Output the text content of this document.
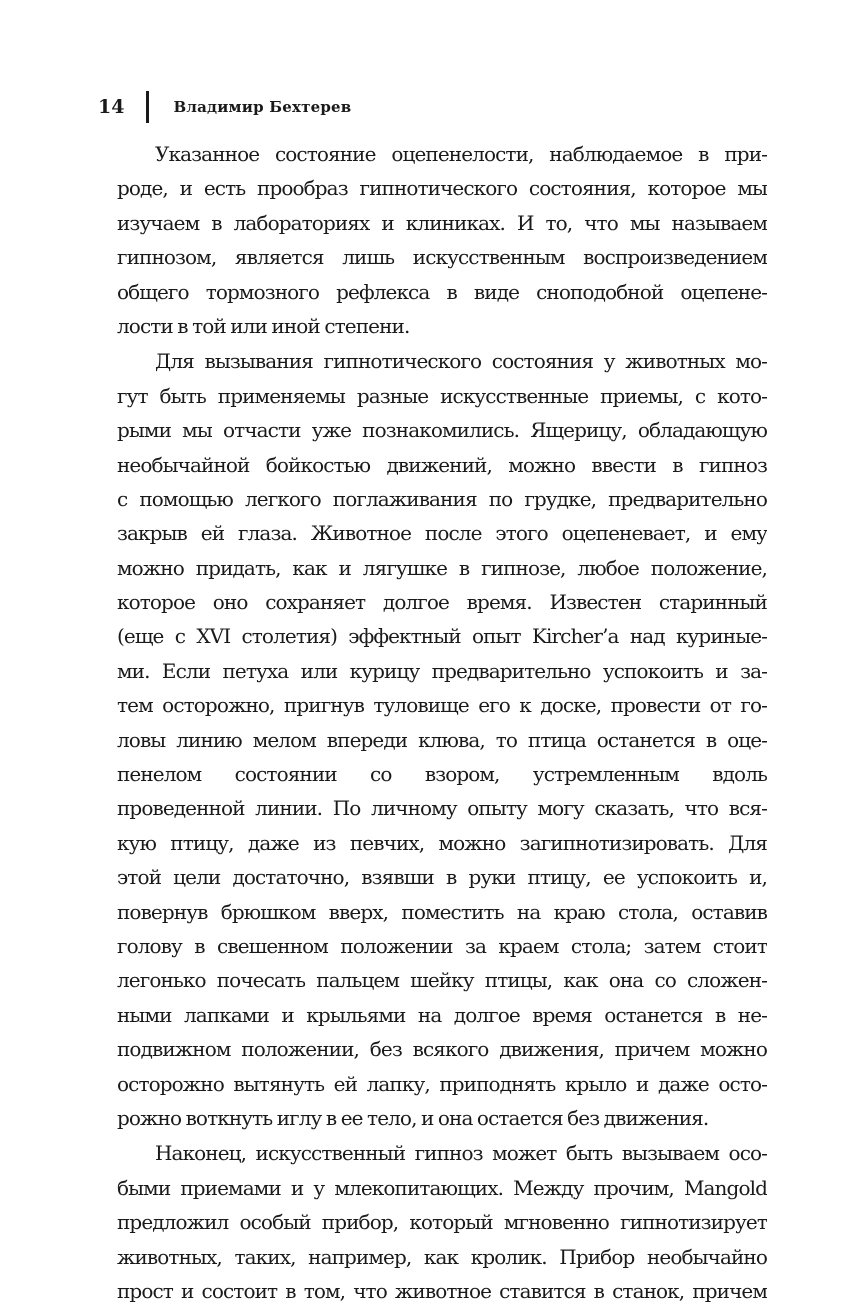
14	Владимир Бехтерев
Указанное состояние оцепенелости, наблюдаемое в при-
роде, и есть прообраз гипнотического состояния, которое мы
изучаем в лабораториях и клиниках. И то, что мы называем
гипнозом, является лишь искусственным воспроизведением
общего тормозного рефлекса в виде сноподобной оцепене-
лости в той или иной степени.
Для вызывания гипнотического состояния у животных мо-
гут быть применяемы разные искусственные приемы, с кото-
рыми мы отчасти уже познакомились. Ящерицу, обладающую
необычайной бойкостью движений, можно ввести в гипноз
с помощью легкого поглаживания по грудке, предварительно
закрыв ей глаза. Животное после этого оцепеневает, и ему
можно придать, как и лягушке в гипнозе, любое положение,
которое оно сохраняет долгое время. Известен старинный
(еще с XVI столетия) эффектный опыт Kircher’а над куриные-
ми. Если петуха или курицу предварительно успокоить и за-
тем осторожно, пригнув туловище его к доске, провести от го-
ловы линию мелом впереди клюва, то птица останется в оце-
пенелом состоянии со взором, устремленным вдоль
проведенной линии. По личному опыту могу сказать, что вся-
кую птицу, даже из певчих, можно загипнотизировать. Для
этой цели достаточно, взявши в руки птицу, ее успокоить и,
повернув брюшком вверх, поместить на краю стола, оставив
голову в свешенном положении за краем стола; затем стоит
легонько почесать пальцем шейку птицы, как она со сложен-
ными лапками и крыльями на долгое время останется в не-
подвижном положении, без всякого движения, причем можно
осторожно вытянуть ей лапку, приподнять крыло и даже осто-
рожно воткнуть иглу в ее тело, и она остается без движения.
Наконец, искусственный гипноз может быть вызываем осо-
быми приемами и у млекопитающих. Между прочим, Mangold
предложил особый прибор, который мгновенно гипнотизирует
животных, таких, например, как кролик. Прибор необычайно
прост и состоит в том, что животное ставится в станок, причем
